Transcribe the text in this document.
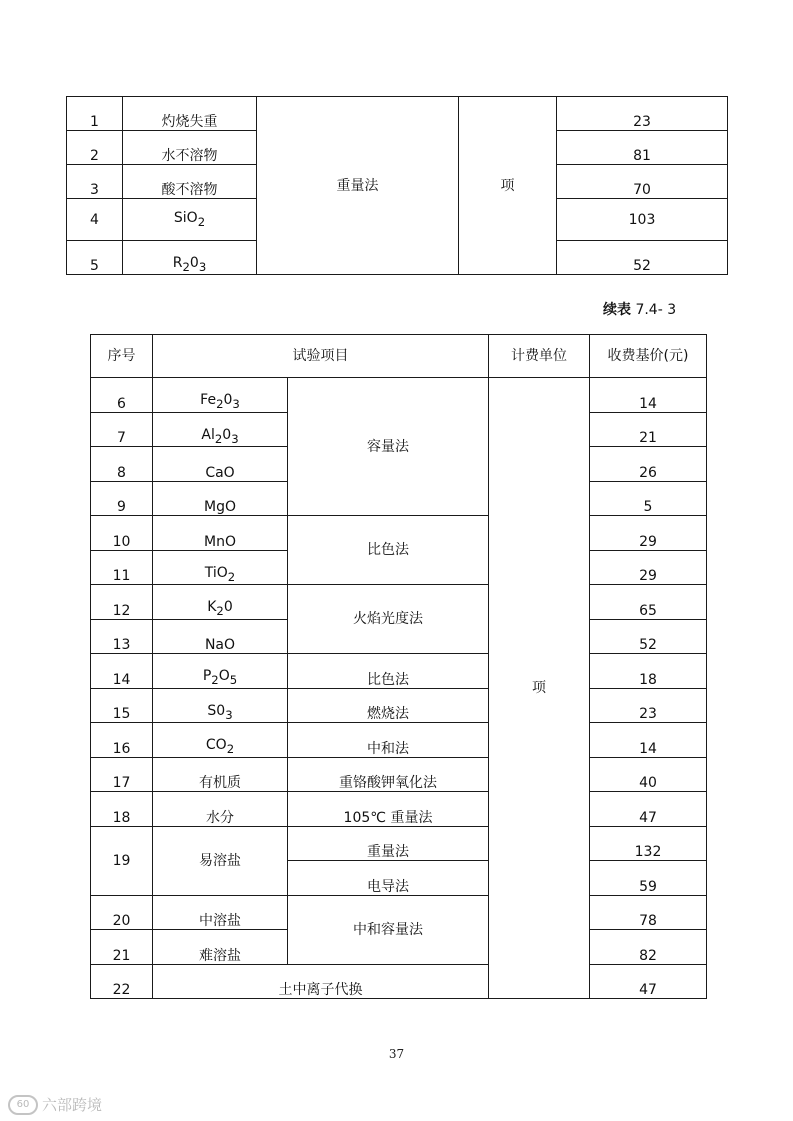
1	灼烧失重	重量法	项	23
2	水不溶物			81
3	酸不溶物			70
4	SiO$_2$			103
5	$R_20_3$			52
续表 7.4- 3
序号	试验项目		计费单位	收费基价(元)
6	$Fe_20_3$	容量法	项	14
7	$Al_20_3$			21
8	CaO			26
9	MgO			5
10	MnO	比色法		29
11	TiO$_2$			29
12	$K_20$	火焰光度法		65
13	NaO			52
14	$P_2O_5$	比色法		18
15	$S0_3$	燃烧法		23
16	$CO_2$	中和法		14
17	有机质	重铬酸钾氧化法		40
18	水分	105℃ 重量法		47
19	易溶盐	重量法		132
		电导法		59
20	中溶盐	中和容量法		78
21	难溶盐			82
22	土中离子代换			47
37
60 六部跨境
